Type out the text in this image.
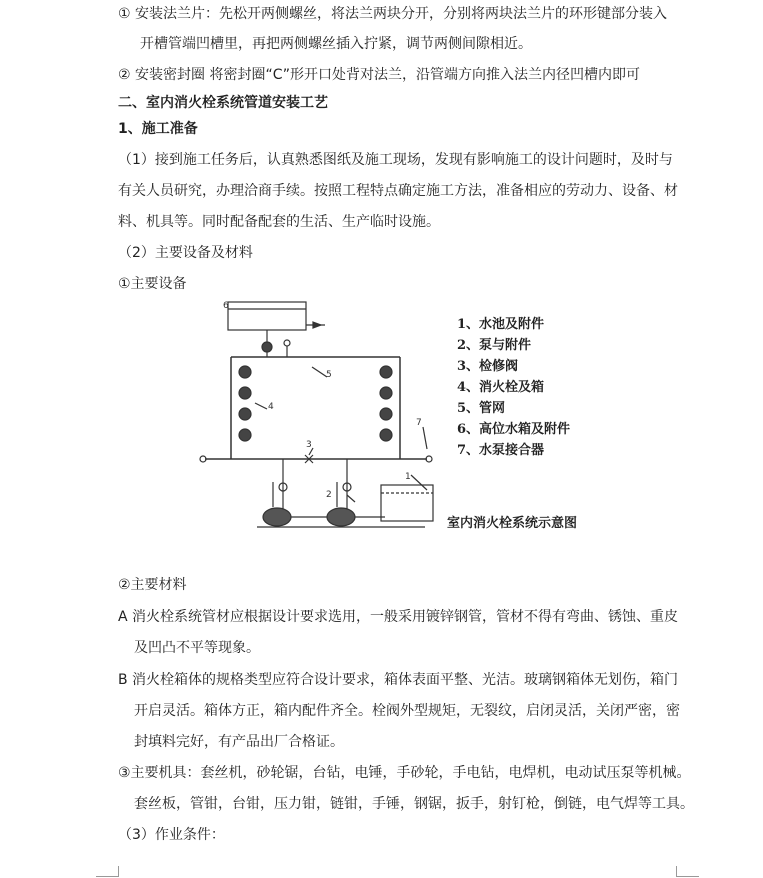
① 安装法兰片：先松开两侧螺丝，将法兰两块分开，分别将两块法兰片的环形键部分装入
开槽管端凹槽里，再把两侧螺丝插入拧紧，调节两侧间隙相近。
② 安装密封圈 将密封圈“C”形开口处背对法兰，沿管端方向推入法兰内径凹槽内即可
二、室内消火栓系统管道安装工艺
1、施工准备
（1）接到施工任务后，认真熟悉图纸及施工现场，发现有影响施工的设计问题时，及时与
有关人员研究，办理洽商手续。按照工程特点确定施工方法，准备相应的劳动力、设备、材
料、机具等。同时配备配套的生活、生产临时设施。
（2）主要设备及材料
①主要设备
1
2
3
4
5
6
7
1、水池及附件
2、泵与附件
3、检修阀
4、消火栓及箱
5、管网
6、高位水箱及附件
7、水泵接合器
室内消火栓系统示意图
②主要材料
A 消火栓系统管材应根据设计要求选用，一般采用镀锌钢管，管材不得有弯曲、锈蚀、重皮
及凹凸不平等现象。
B 消火栓箱体的规格类型应符合设计要求，箱体表面平整、光洁。玻璃钢箱体无划伤，箱门
开启灵活。箱体方正，箱内配件齐全。栓阀外型规矩，无裂纹，启闭灵活，关闭严密，密
封填料完好，有产品出厂合格证。
③主要机具：套丝机，砂轮锯，台钻，电锤，手砂轮，手电钻，电焊机，电动试压泵等机械。
套丝板，管钳，台钳，压力钳，链钳，手锤，钢锯，扳手，射钉枪，倒链，电气焊等工具。
（3）作业条件：
